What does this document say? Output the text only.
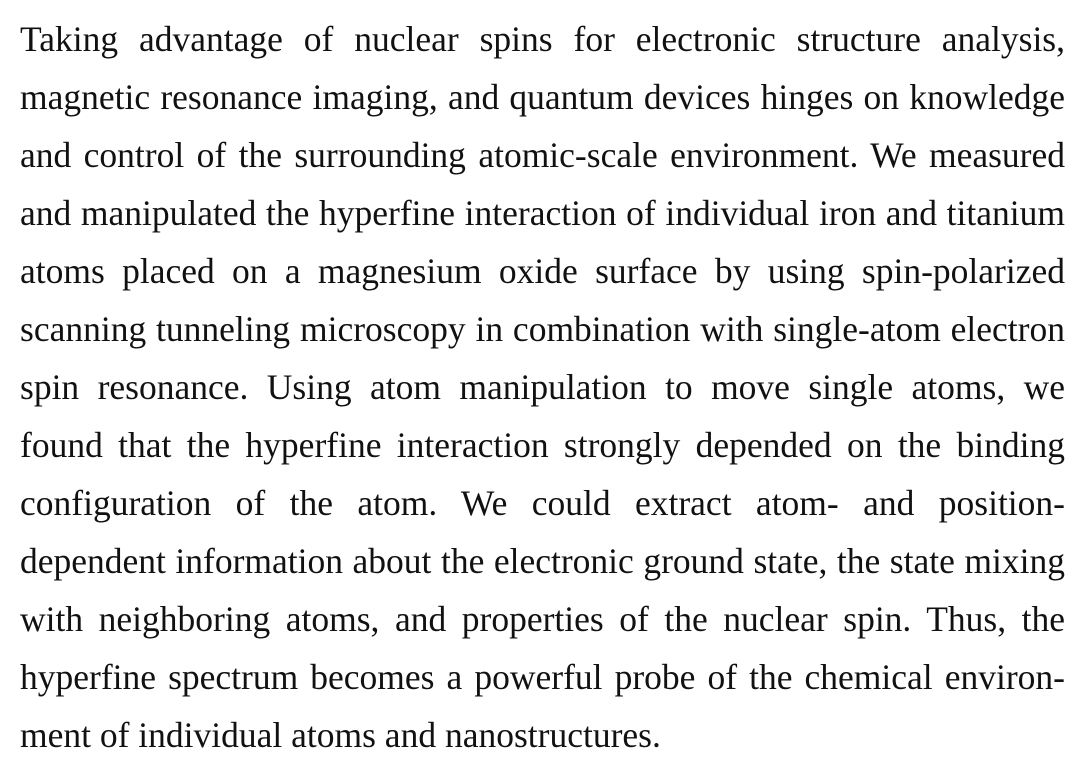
Taking advantage of nuclear spins for electronic structure analysis,
magnetic resonance imaging, and quantum devices hinges on knowledge
and control of the surrounding atomic-scale environment. We measured
and manipulated the hyperfine interaction of individual iron and titanium
atoms placed on a magnesium oxide surface by using spin-polarized
scanning tunneling microscopy in combination with single-atom electron
spin resonance. Using atom manipulation to move single atoms, we
found that the hyperfine interaction strongly depended on the binding
configuration of the atom. We could extract atom- and position-
dependent information about the electronic ground state, the state mixing
with neighboring atoms, and properties of the nuclear spin. Thus, the
hyperfine spectrum becomes a powerful probe of the chemical environ-
ment of individual atoms and nanostructures.
